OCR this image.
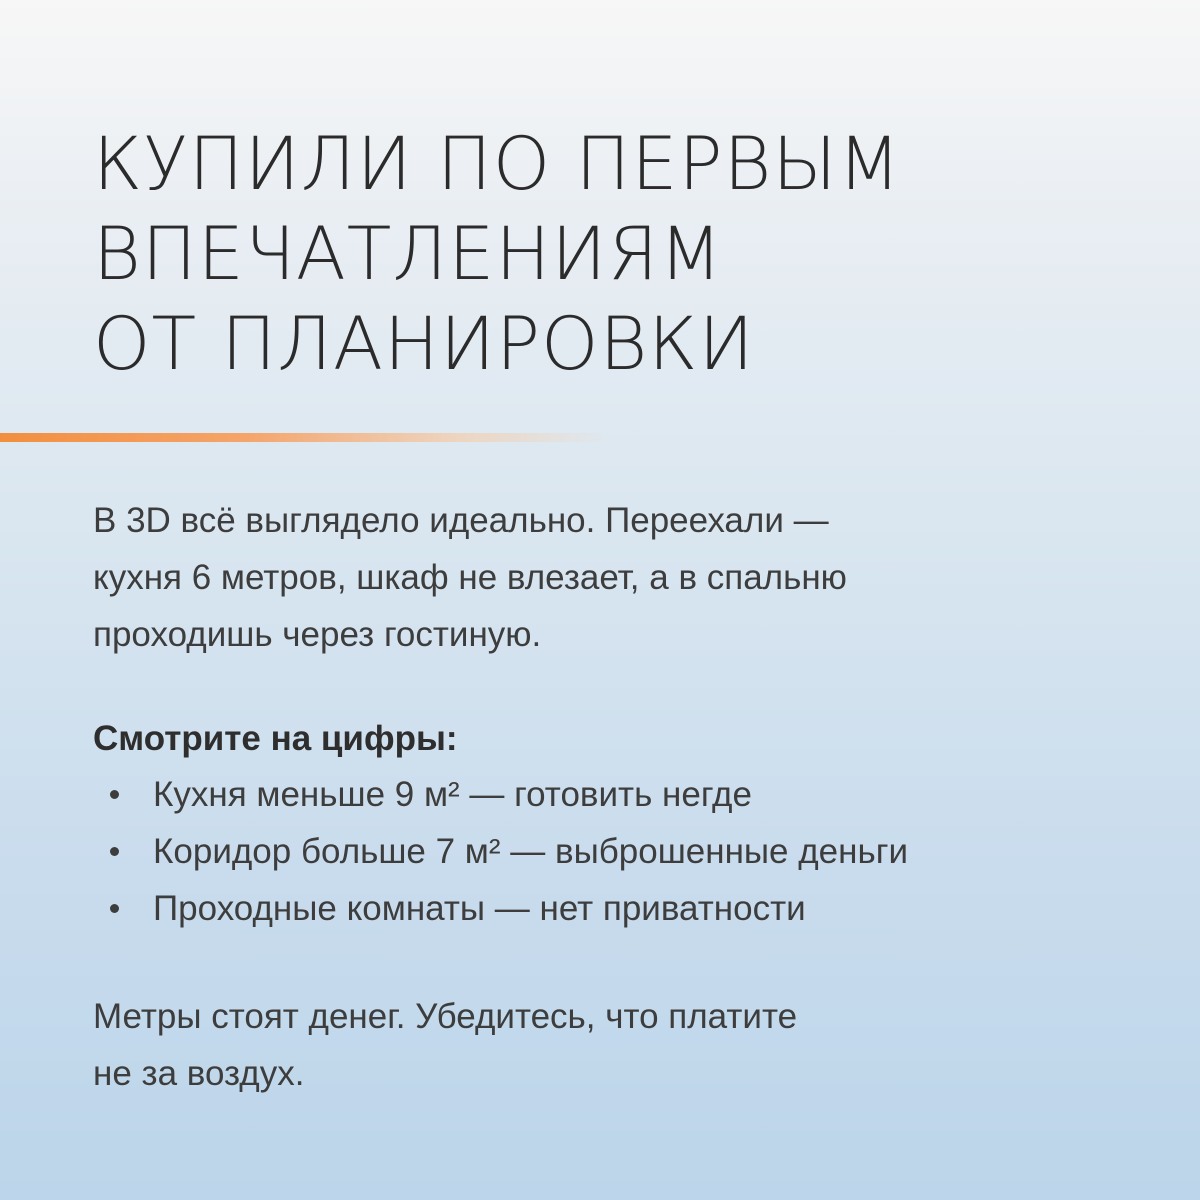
КУПИЛИ ПО ПЕРВЫМ
ВПЕЧАТЛЕНИЯМ
ОТ ПЛАНИРОВКИ

В 3D всё выглядело идеально. Переехали —
кухня 6 метров, шкаф не влезает, а в спальню
проходишь через гостиную.

Смотрите на цифры:

Кухня меньше 9 м² — готовить негде
Коридор больше 7 м² — выброшенные деньги
Проходные комнаты — нет приватности

Метры стоят денег. Убедитесь, что платите
не за воздух.
